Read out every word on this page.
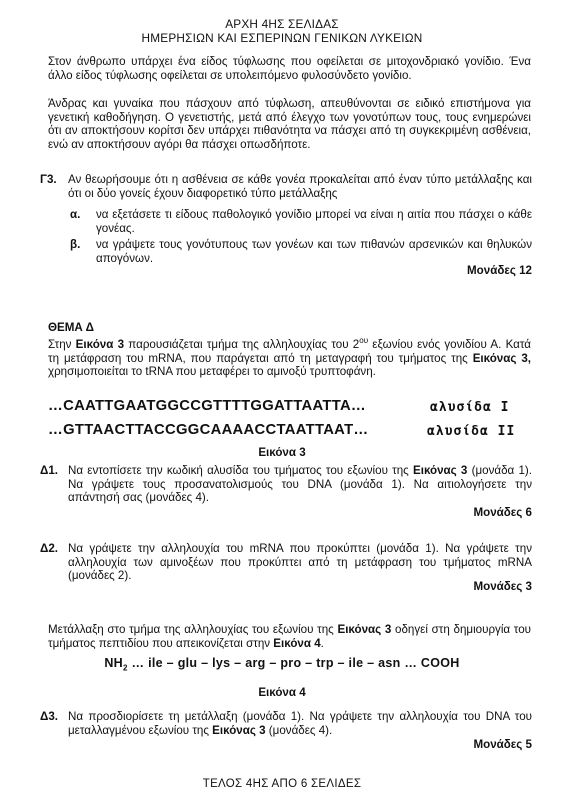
ΑΡΧΗ 4ΗΣ ΣΕΛΙΔΑΣ
ΗΜΕΡΗΣΙΩΝ ΚΑΙ ΕΣΠΕΡΙΝΩΝ ΓΕΝΙΚΩΝ ΛΥΚΕΙΩΝ
Στον άνθρωπο υπάρχει ένα είδος τύφλωσης που οφείλεται σε μιτοχονδριακό γονίδιο. Ένα άλλο είδος τύφλωσης οφείλεται σε υπολειπόμενο φυλοσύνδετο γονίδιο.
Άνδρας και γυναίκα που πάσχουν από τύφλωση, απευθύνονται σε ειδικό επιστήμονα για γενετική καθοδήγηση. Ο γενετιστής, μετά από έλεγχο των γονοτύπων τους, τους ενημερώνει ότι αν αποκτήσουν κορίτσι δεν υπάρχει πιθανότητα να πάσχει από τη συγκεκριμένη ασθένεια, ενώ αν αποκτήσουν αγόρι θα πάσχει οπωσδήποτε.
Γ3. Αν θεωρήσουμε ότι η ασθένεια σε κάθε γονέα προκαλείται από έναν τύπο μετάλλαξης και ότι οι δύο γονείς έχουν διαφορετικό τύπο μετάλλαξης
α. να εξετάσετε τι είδους παθολογικό γονίδιο μπορεί να είναι η αιτία που πάσχει ο κάθε γονέας.
β. να γράψετε τους γονότυπους των γονέων και των πιθανών αρσενικών και θηλυκών απογόνων.
Μονάδες 12
ΘΕΜΑ Δ
Στην Εικόνα 3 παρουσιάζεται τμήμα της αλληλουχίας του $2^{o\upsilon}$ εξωνίου ενός γονιδίου Α. Κατά τη μετάφραση του mRNA, που παράγεται από τη μεταγραφή του τμήματος της Εικόνας 3, χρησιμοποιείται το tRNA που μεταφέρει το αμινοξύ τρυπτοφάνη.
…CAATTGAATGGCCGTTTTGGATTAATTA…	αλυσίδα Ι
…GTTAACTTACCGGCAAAACCTAATTAAT…	αλυσίδα ΙΙ
Εικόνα 3
Δ1. Να εντοπίσετε την κωδική αλυσίδα του τμήματος του εξωνίου της Εικόνας 3 (μονάδα 1). Να γράψετε τους προσανατολισμούς του DNA (μονάδα 1). Να αιτιολογήσετε την απάντησή σας (μονάδες 4).
Μονάδες 6
Δ2. Να γράψετε την αλληλουχία του mRNA που προκύπτει (μονάδα 1). Να γράψετε την αλληλουχία των αμινοξέων που προκύπτει από τη μετάφραση του τμήματος mRNA (μονάδες 2).
Μονάδες 3
Μετάλλαξη στο τμήμα της αλληλουχίας του εξωνίου της Εικόνας 3 οδηγεί στη δημιουργία του τμήματος πεπτιδίου που απεικονίζεται στην Εικόνα 4.
$NH_2$ … ile – glu – lys – arg – pro – trp – ile – asn … COOH
Εικόνα 4
Δ3. Να προσδιορίσετε τη μετάλλαξη (μονάδα 1). Να γράψετε την αλληλουχία του DNA του μεταλλαγμένου εξωνίου της Εικόνας 3 (μονάδες 4).
Μονάδες 5
ΤΕΛΟΣ 4ΗΣ ΑΠΟ 6 ΣΕΛΙΔΕΣ
